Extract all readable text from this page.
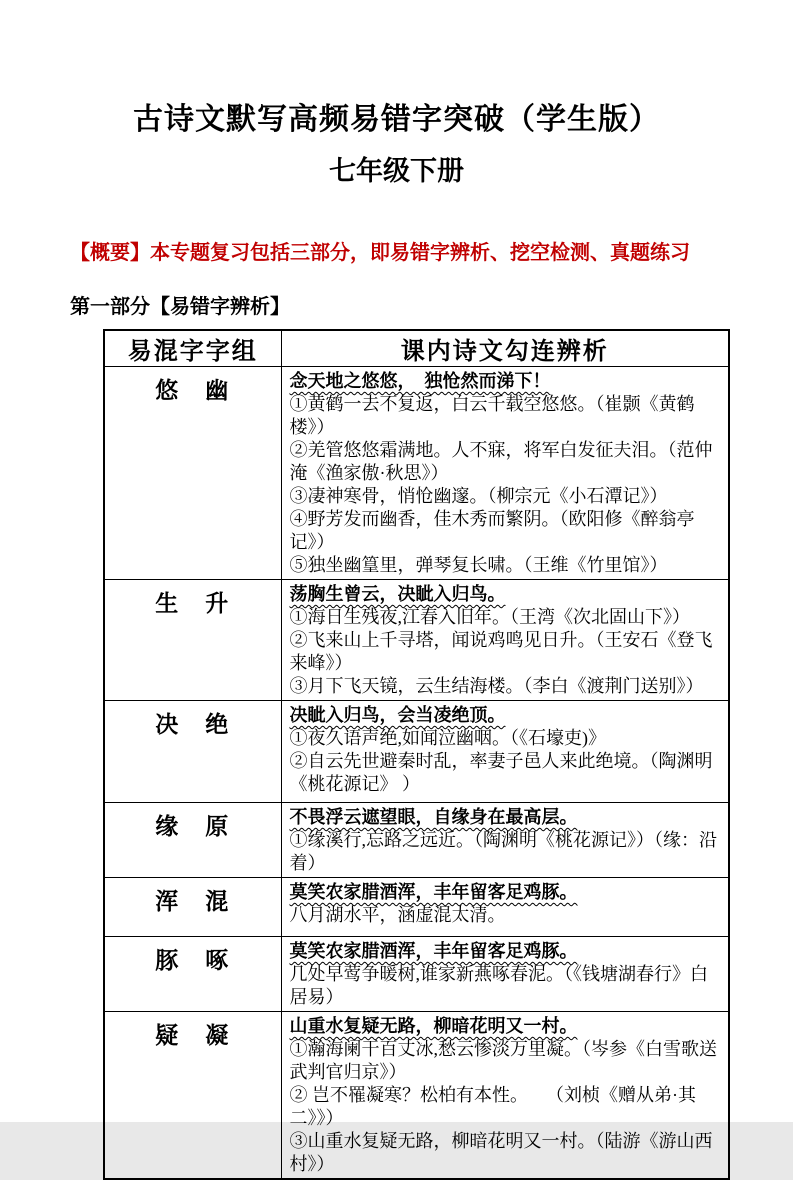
古诗文默写高频易错字突破（学生版）
七年级下册

【概要】本专题复习包括三部分，即易错字辨析、挖空检测、真题练习

第一部分【易错字辨析】

易混字字组	课内诗文勾连辨析
悠　幽	念天地之悠悠，　独怆然而涕下！
①黄鹤一去不复返，白云千载空悠悠。（崔颢《黄鹤楼》）
②羌管悠悠霜满地。人不寐，将军白发征夫泪。（范仲淹《渔家傲·秋思》）
③凄神寒骨，悄怆幽邃。（柳宗元《小石潭记》）
④野芳发而幽香，佳木秀而繁阴。（欧阳修《醉翁亭记》）
⑤独坐幽篁里，弹琴复长啸。（王维《竹里馆》）

生　升	荡胸生曾云，决眦入归鸟。
①海日生残夜,江春入旧年。（王湾《次北固山下》）
②飞来山上千寻塔，闻说鸡鸣见日升。（王安石《登飞来峰》）
③月下飞天镜，云生结海楼。（李白《渡荆门送别》）

决　绝	决眦入归鸟，会当凌绝顶。
①夜久语声绝,如闻泣幽咽。（《石壕吏)》
②自云先世避秦时乱，率妻子邑人来此绝境。（陶渊明《桃花源记》 ）

缘　原	不畏浮云遮望眼，自缘身在最高层。
①缘溪行,忘路之远近。（陶渊明《桃花源记》）（缘：沿着）

浑　混	莫笑农家腊酒浑，丰年留客足鸡豚。
八月湖水平，涵虚混太清。

豚　啄	莫笑农家腊酒浑，丰年留客足鸡豚。
几处早莺争暖树,谁家新燕啄春泥。（《钱塘湖春行》白居易）

疑　凝	山重水复疑无路，柳暗花明又一村。
①瀚海阑干百丈冰,愁云惨淡万里凝。（岑参《白雪歌送武判官归京》）
② 岂不罹凝寒？松柏有本性。　　（刘桢《赠从弟·其二》》）
③山重水复疑无路，柳暗花明又一村。（陆游《游山西村》）
